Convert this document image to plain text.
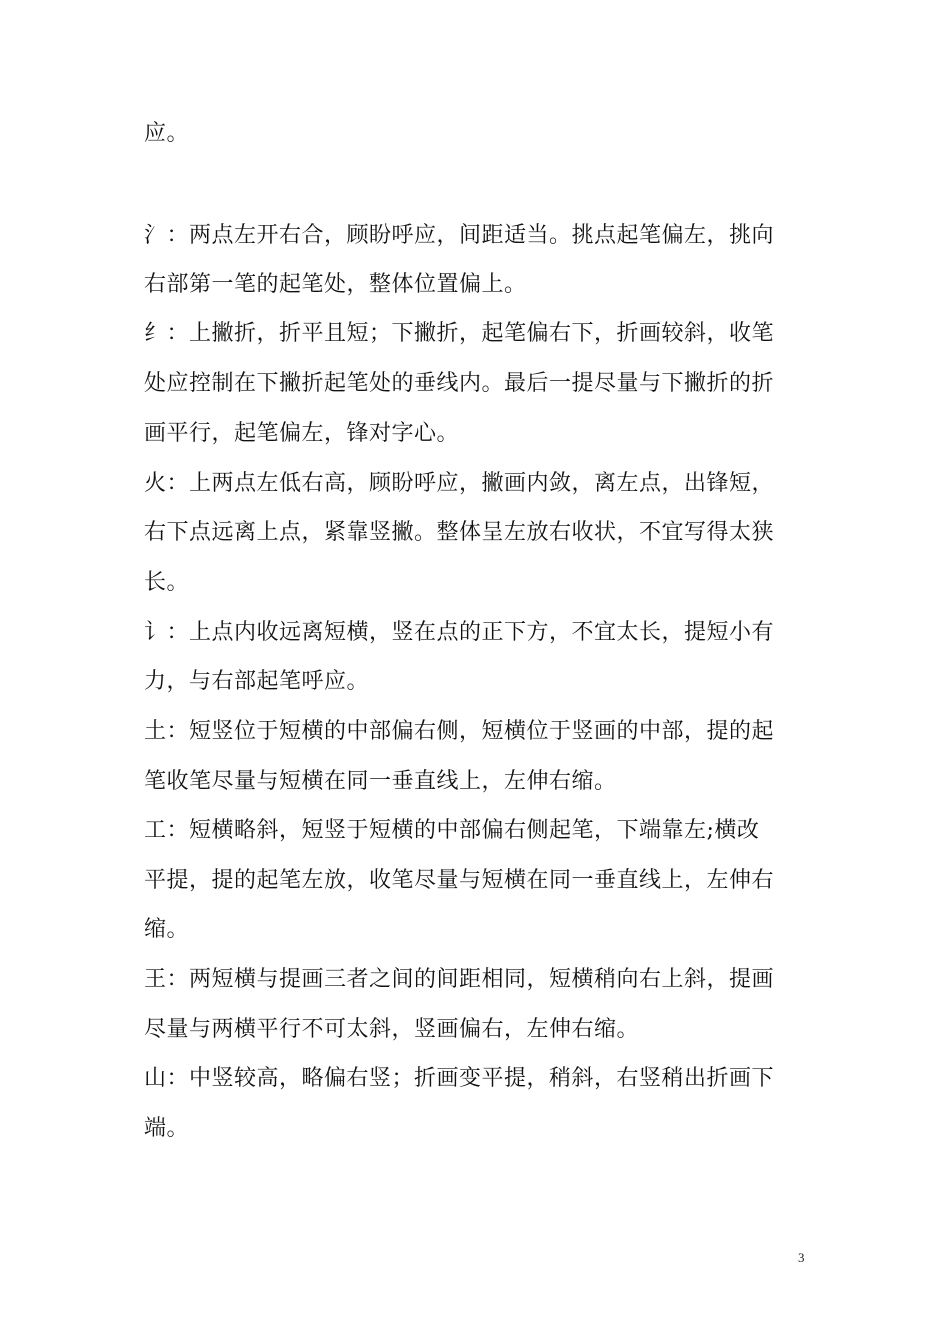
应。
氵：两点左开右合，顾盼呼应，间距适当。挑点起笔偏左，挑向
右部第一笔的起笔处，整体位置偏上。
纟：上撇折，折平且短；下撇折，起笔偏右下，折画较斜，收笔
处应控制在下撇折起笔处的垂线内。最后一提尽量与下撇折的折
画平行，起笔偏左，锋对字心。
火：上两点左低右高，顾盼呼应，撇画内敛，离左点，出锋短，
右下点远离上点，紧靠竖撇。整体呈左放右收状，不宜写得太狭
长。
讠：上点内收远离短横，竖在点的正下方，不宜太长，提短小有
力，与右部起笔呼应。
土：短竖位于短横的中部偏右侧，短横位于竖画的中部，提的起
笔收笔尽量与短横在同一垂直线上，左伸右缩。
工：短横略斜，短竖于短横的中部偏右侧起笔，下端靠左;横改
平提，提的起笔左放，收笔尽量与短横在同一垂直线上，左伸右
缩。
王：两短横与提画三者之间的间距相同，短横稍向右上斜，提画
尽量与两横平行不可太斜，竖画偏右，左伸右缩。
山：中竖较高，略偏右竖；折画变平提，稍斜，右竖稍出折画下
端。
3
